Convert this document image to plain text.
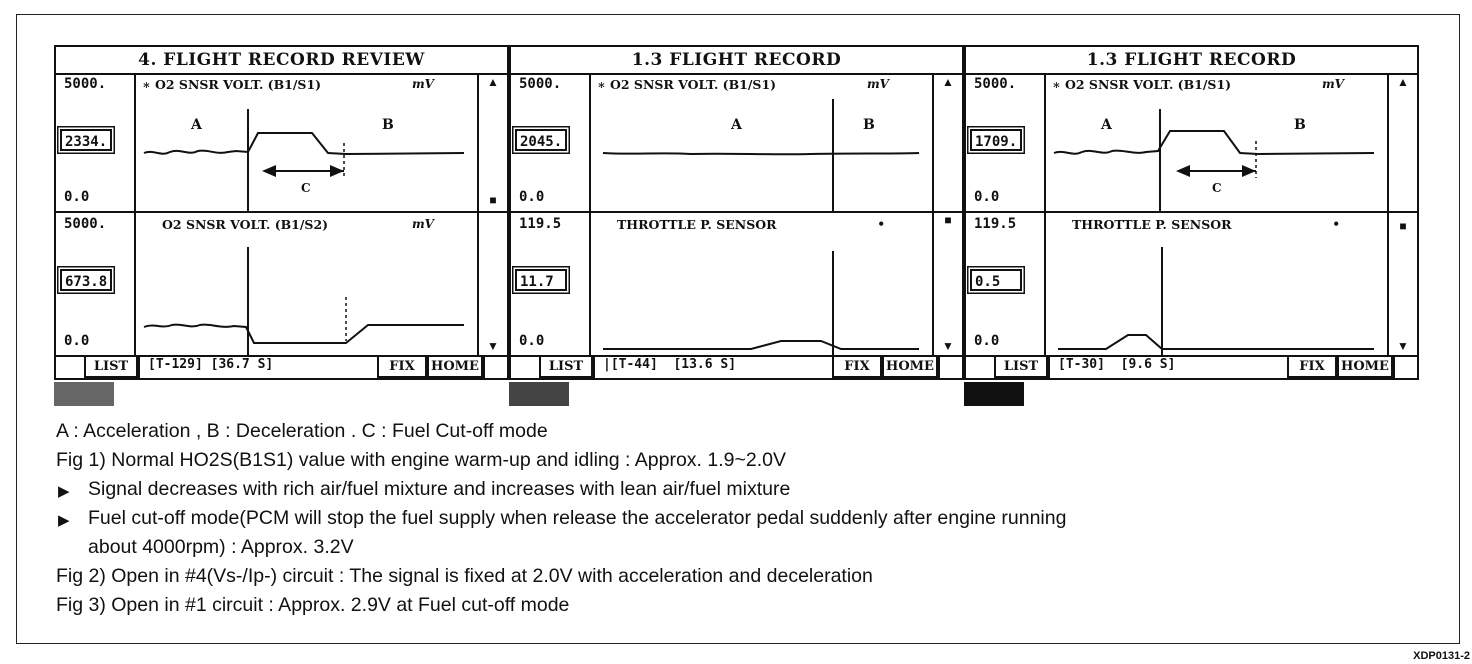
4. FLIGHT RECORD REVIEW
5000.
2334.
0.0
∗ O2 SNSR VOLT. (B1/S1)	mV
A	B
C
5000.
673.8
0.0
O2 SNSR VOLT. (B1/S2)	mV
▲
■
▼
LIST	[T-129] [36.7 S]	FIX	HOME
1.3 FLIGHT RECORD
5000.
2045.
0.0
∗ O2 SNSR VOLT. (B1/S1)	mV
A	B
119.5
11.7
0.0
THROTTLE P. SENSOR	•
▲
■
▼
LIST	|[T-44]  [13.6 S]	FIX	HOME
1.3 FLIGHT RECORD
5000.
1709.
0.0
∗ O2 SNSR VOLT. (B1/S1)	mV
A	B
C
119.5
0.5
0.0
THROTTLE P. SENSOR	•
▲
■
▼
LIST	[T-30]  [9.6 S]	FIX	HOME
A : Acceleration , B : Deceleration . C : Fuel Cut-off mode
Fig 1) Normal HO2S(B1S1) value with engine warm-up and idling : Approx. 1.9~2.0V
▶ Signal decreases with rich air/fuel mixture and increases with lean air/fuel mixture
▶ Fuel cut-off mode(PCM will stop the fuel supply when release the accelerator pedal suddenly after engine running
about 4000rpm) : Approx. 3.2V
Fig 2) Open in #4(Vs-/Ip-) circuit : The signal is fixed at 2.0V with acceleration and deceleration
Fig 3) Open in #1 circuit : Approx. 2.9V at Fuel cut-off mode
XDP0131-2
